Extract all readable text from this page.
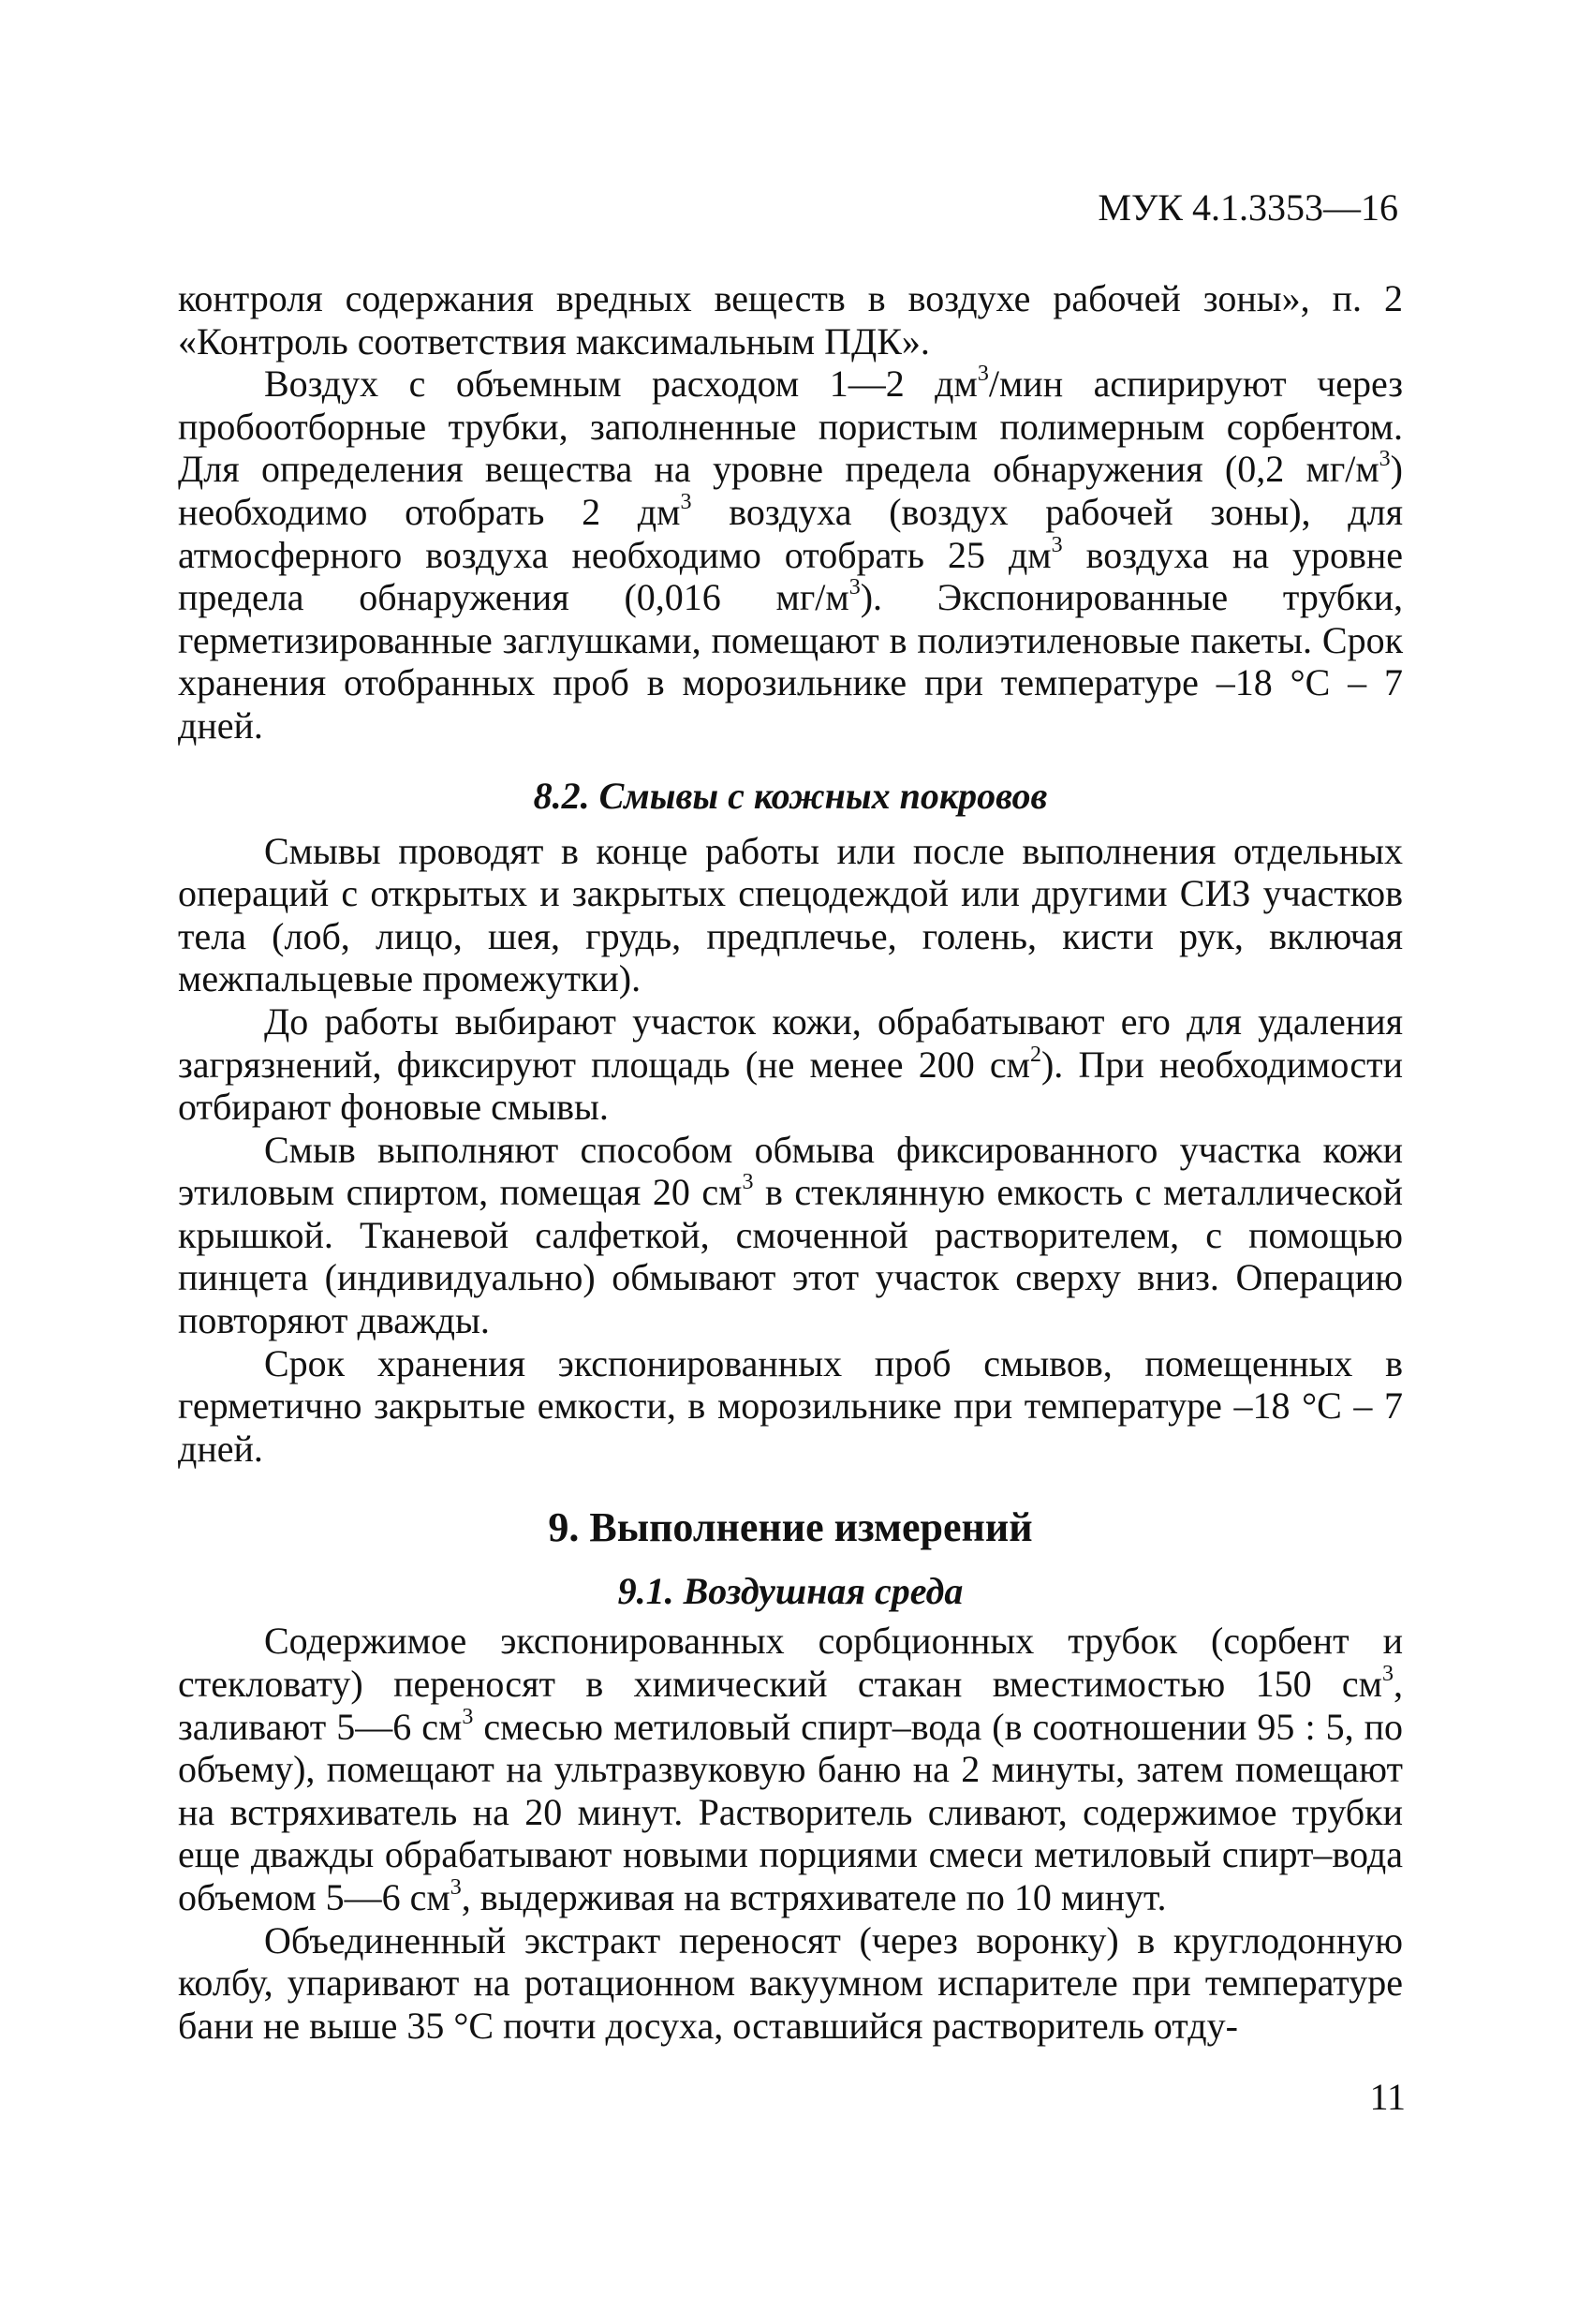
МУК 4.1.3353—16

контроля содержания вредных веществ в воздухе рабочей зоны», п. 2 «Контроль соответствия максимальным ПДК».

Воздух с объемным расходом 1—2 $дм^3$/мин аспирируют через пробоотборные трубки, заполненные пористым полимерным сорбентом. Для определения вещества на уровне предела обнаружения (0,2 $мг/м^3$) необходимо отобрать 2 $дм^3$ воздуха (воздух рабочей зоны), для атмосферного воздуха необходимо отобрать 25 $дм^3$ воздуха на уровне предела обнаружения (0,016 $мг/м^3$). Экспонированные трубки, герметизированные заглушками, помещают в полиэтиленовые пакеты. Срок хранения отобранных проб в морозильнике при температуре –18 °С – 7 дней.

8.2. Смывы с кожных покровов

Смывы проводят в конце работы или после выполнения отдельных операций с открытых и закрытых спецодеждой или другими СИЗ участков тела (лоб, лицо, шея, грудь, предплечье, голень, кисти рук, включая межпальцевые промежутки).

До работы выбирают участок кожи, обрабатывают его для удаления загрязнений, фиксируют площадь (не менее 200 $см^2$). При необходимости отбирают фоновые смывы.

Смыв выполняют способом обмыва фиксированного участка кожи этиловым спиртом, помещая 20 $см^3$ в стеклянную емкость с металлической крышкой. Тканевой салфеткой, смоченной растворителем, с помощью пинцета (индивидуально) обмывают этот участок сверху вниз. Операцию повторяют дважды.

Срок хранения экспонированных проб смывов, помещенных в герметично закрытые емкости, в морозильнике при температуре –18 °С – 7 дней.

9. Выполнение измерений
9.1. Воздушная среда

Содержимое экспонированных сорбционных трубок (сорбент и стекловату) переносят в химический стакан вместимостью 150 $см^3$, заливают 5—6 $см^3$ смесью метиловый спирт–вода (в соотношении 95 : 5, по объему), помещают на ультразвуковую баню на 2 минуты, затем помещают на встряхиватель на 20 минут. Растворитель сливают, содержимое трубки еще дважды обрабатывают новыми порциями смеси метиловый спирт–вода объемом 5—6 $см^3$, выдерживая на встряхивателе по 10 минут.

Объединенный экстракт переносят (через воронку) в круглодонную колбу, упаривают на ротационном вакуумном испарителе при температуре бани не выше 35 °С почти досуха, оставшийся растворитель отду-

11
